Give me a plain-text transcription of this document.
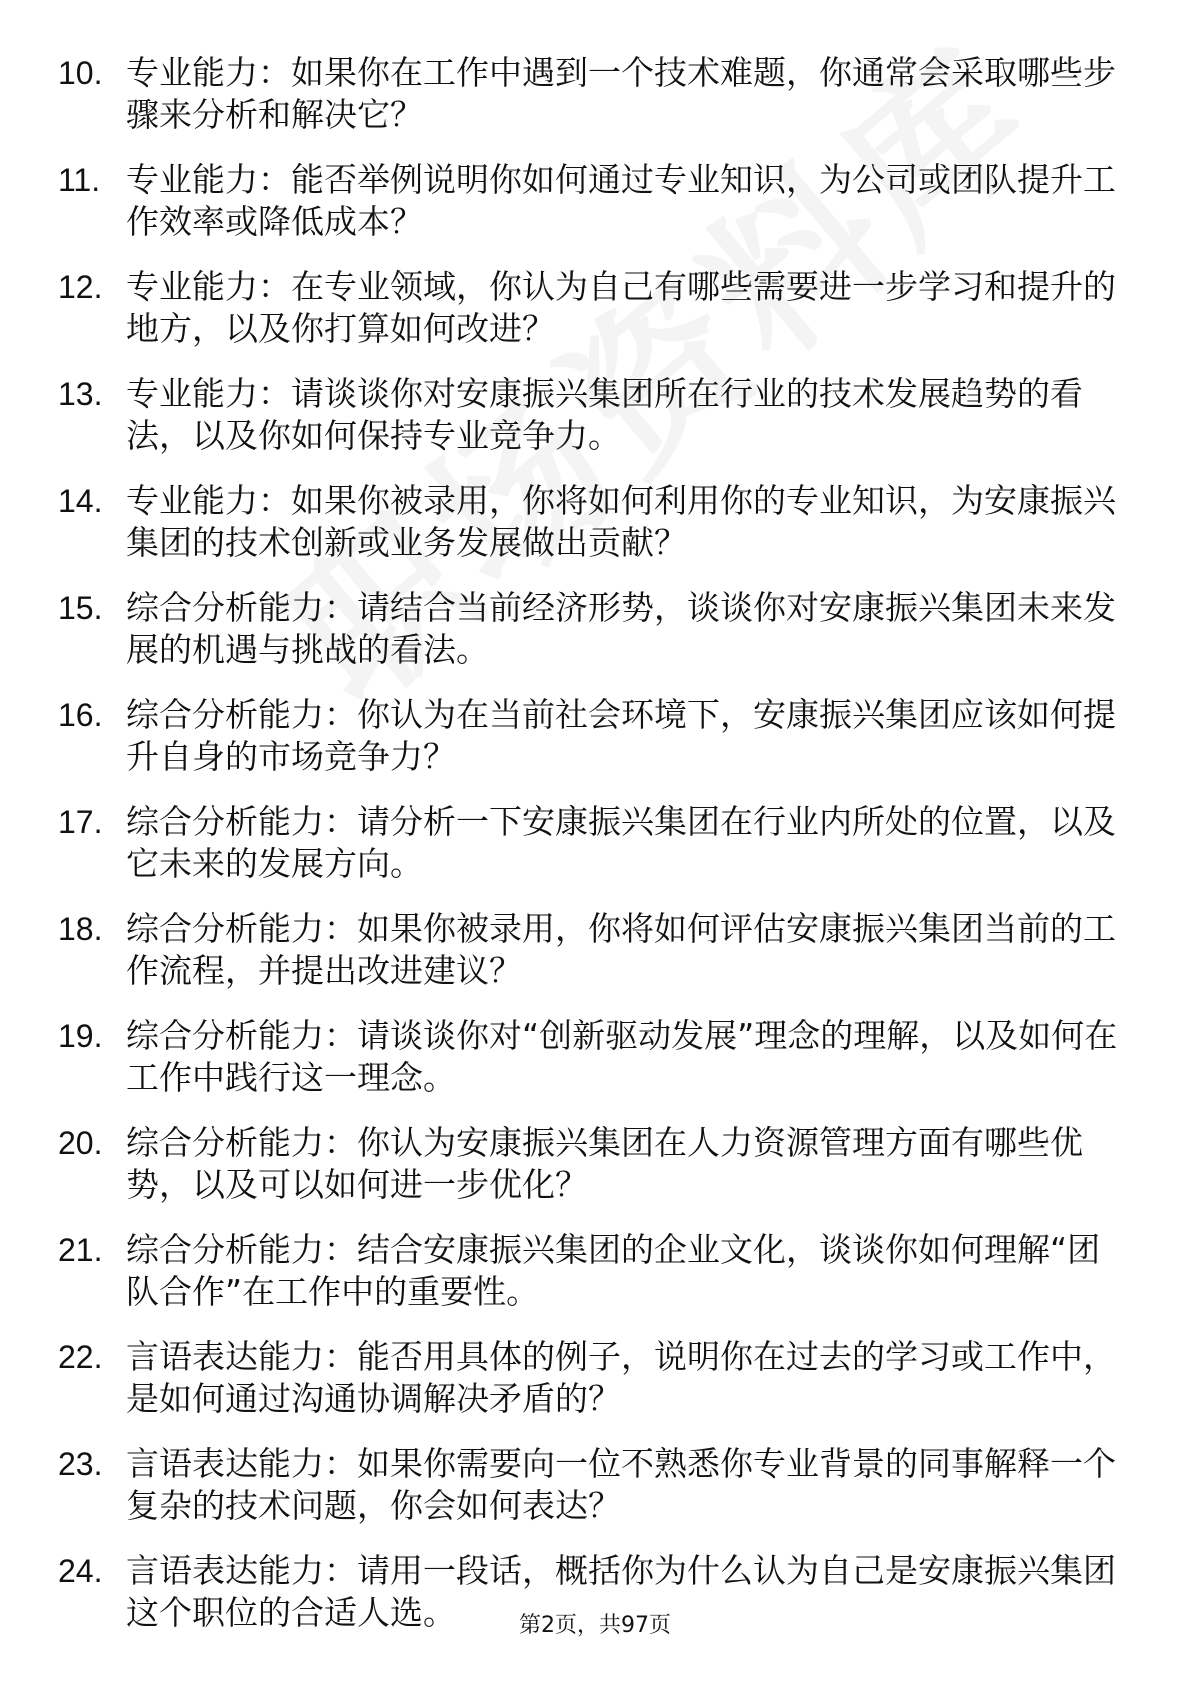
10. 专业能力：如果你在工作中遇到一个技术难题，你通常会采取哪些步骤来分析和解决它？
11. 专业能力：能否举例说明你如何通过专业知识，为公司或团队提升工作效率或降低成本？
12. 专业能力：在专业领域，你认为自己有哪些需要进一步学习和提升的地方，以及你打算如何改进？
13. 专业能力：请谈谈你对安康振兴集团所在行业的技术发展趋势的看法，以及你如何保持专业竞争力。
14. 专业能力：如果你被录用，你将如何利用你的专业知识，为安康振兴集团的技术创新或业务发展做出贡献？
15. 综合分析能力：请结合当前经济形势，谈谈你对安康振兴集团未来发展的机遇与挑战的看法。
16. 综合分析能力：你认为在当前社会环境下，安康振兴集团应该如何提升自身的市场竞争力？
17. 综合分析能力：请分析一下安康振兴集团在行业内所处的位置，以及它未来的发展方向。
18. 综合分析能力：如果你被录用，你将如何评估安康振兴集团当前的工作流程，并提出改进建议？
19. 综合分析能力：请谈谈你对“创新驱动发展”理念的理解，以及如何在工作中践行这一理念。
20. 综合分析能力：你认为安康振兴集团在人力资源管理方面有哪些优势，以及可以如何进一步优化？
21. 综合分析能力：结合安康振兴集团的企业文化，谈谈你如何理解“团队合作”在工作中的重要性。
22. 言语表达能力：能否用具体的例子，说明你在过去的学习或工作中，是如何通过沟通协调解决矛盾的？
23. 言语表达能力：如果你需要向一位不熟悉你专业背景的同事解释一个复杂的技术问题，你会如何表达？
24. 言语表达能力：请用一段话，概括你为什么认为自己是安康振兴集团这个职位的合适人选。	第2页，共97页
